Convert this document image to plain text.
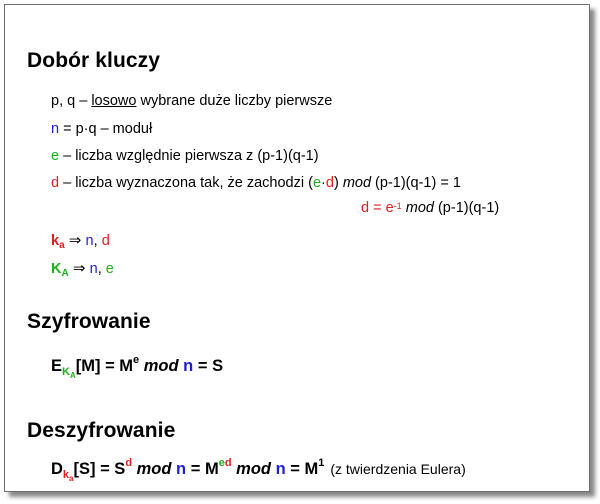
Dobór kluczy
p, q – losowo wybrane duże liczby pierwsze
n = p·q – moduł
e – liczba względnie pierwsza z (p-1)(q-1)
d – liczba wyznaczona tak, że zachodzi (e·d) mod (p-1)(q-1) = 1
$d = e^{-1}$ mod (p-1)(q-1)
$k_a$ ⇒ n, d
$K_A$ ⇒ n, e
Szyfrowanie
$E_{K_A}[M] = M^e$ mod n = S
Deszyfrowanie
$D_{k_a}[S] = S^d$ mod $n = M^{ed}$ mod $n = M^1$ (z twierdzenia Eulera)
